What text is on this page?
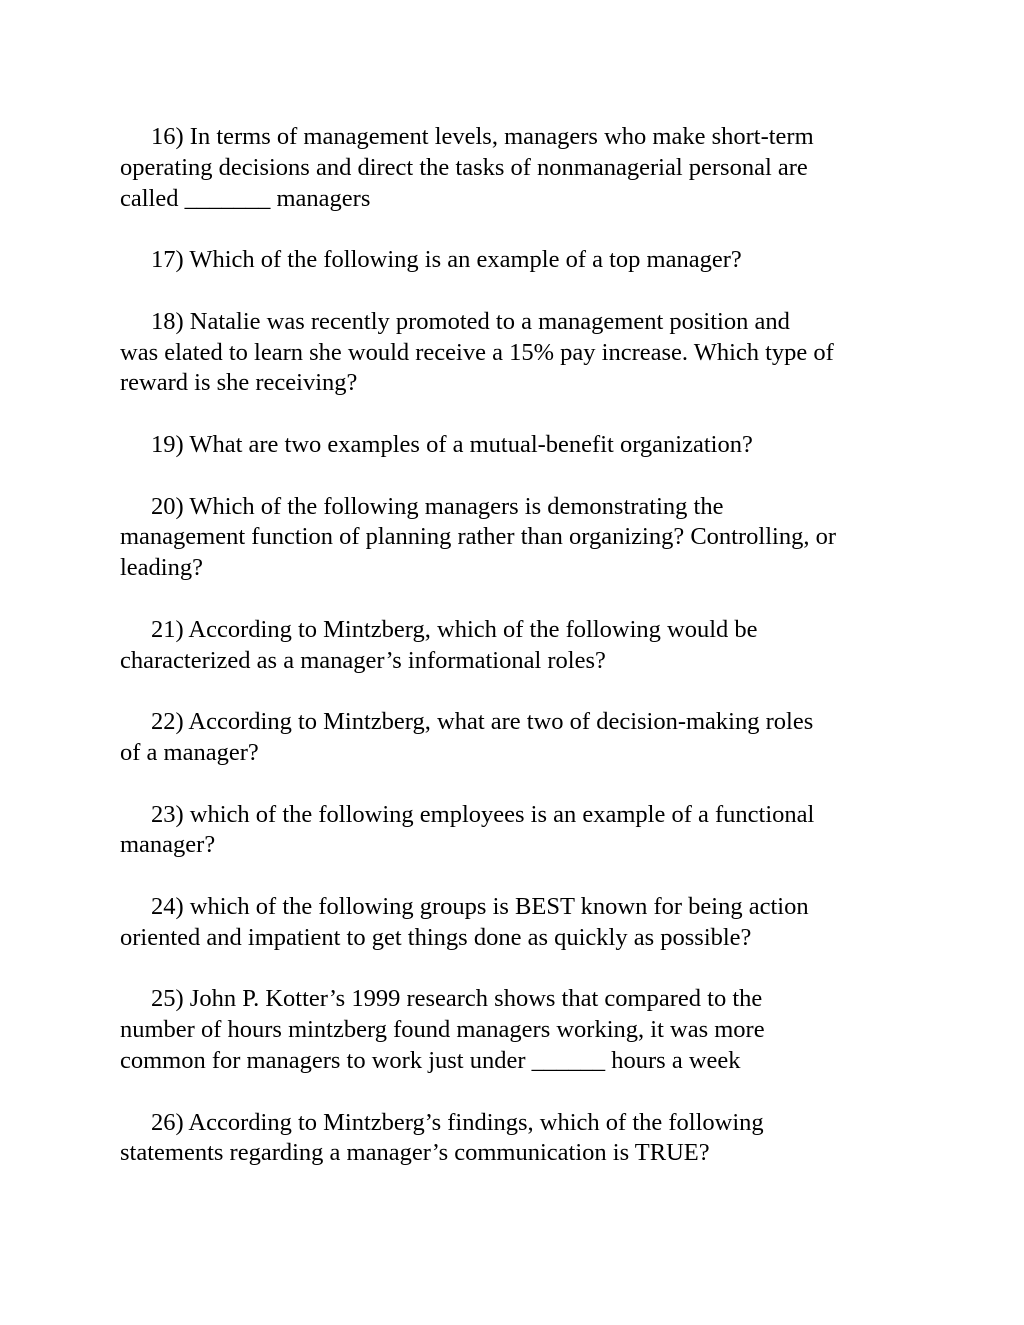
16) In terms of management levels, managers who make short-term
operating decisions and direct the tasks of nonmanagerial personal are
called _______ managers

17) Which of the following is an example of a top manager?

18) Natalie was recently promoted to a management position and
was elated to learn she would receive a 15% pay increase. Which type of
reward is she receiving?

19) What are two examples of a mutual-benefit organization?

20) Which of the following managers is demonstrating the
management function of planning rather than organizing? Controlling, or
leading?

21) According to Mintzberg, which of the following would be
characterized as a manager’s informational roles?

22) According to Mintzberg, what are two of decision-making roles
of a manager?

23) which of the following employees is an example of a functional
manager?

24) which of the following groups is BEST known for being action
oriented and impatient to get things done as quickly as possible?

25) John P. Kotter’s 1999 research shows that compared to the
number of hours mintzberg found managers working, it was more
common for managers to work just under ______ hours a week

26) According to Mintzberg’s findings, which of the following
statements regarding a manager’s communication is TRUE?
